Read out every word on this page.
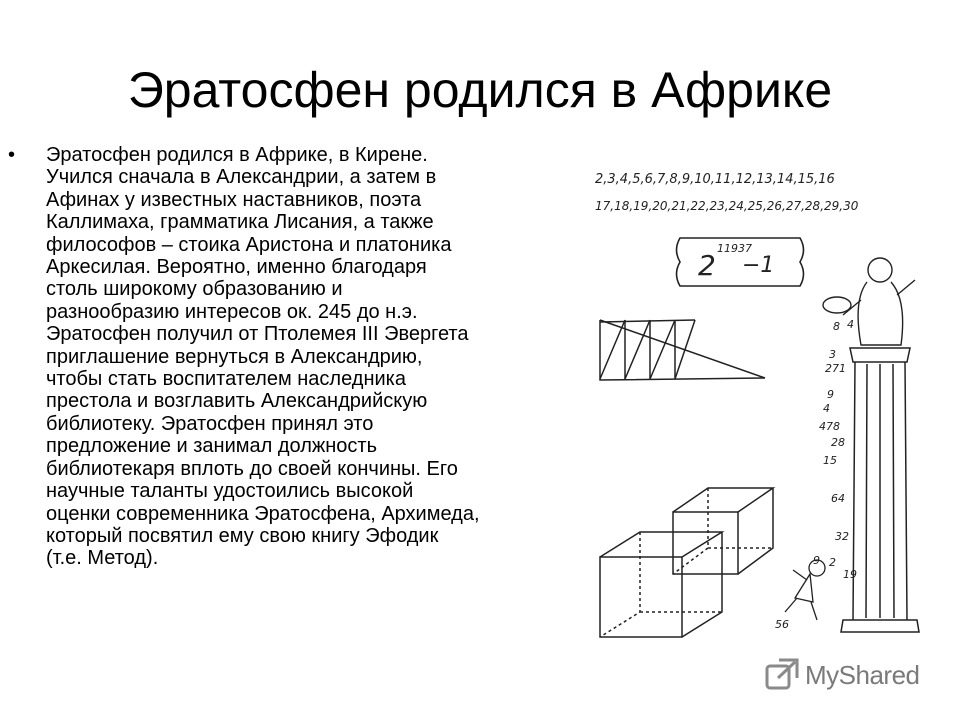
Эратосфен родился в Африке
• Эратосфен родился в Африке, в Кирене.
Учился сначала в Александрии, а затем в
Афинах у известных наставников, поэта
Каллимаха, грамматика Лисания, а также
философов – стоика Аристона и платоника
Аркесилая. Вероятно, именно благодаря
столь широкому образованию и
разнообразию интересов ок. 245 до н.э.
Эратосфен получил от Птолемея III Эвергета
приглашение вернуться в Александрию,
чтобы стать воспитателем наследника
престола и возглавить Александрийскую
библиотеку. Эратосфен принял это
предложение и занимал должность
библиотекаря вплоть до своей кончины. Его
научные таланты удостоились высокой
оценки современника Эратосфена, Архимеда,
который посвятил ему свою книгу Эфодик
(т.е. Метод).
2,3,4,5,6,7,8,9,10,11,12,13,14,15,16
17,18,19,20,21,22,23,24,25,26,27,28,29,30
2
11937
−1
8 4
3
271
9
4
478
28
15
64
32
9 2
19
56
MyShared
